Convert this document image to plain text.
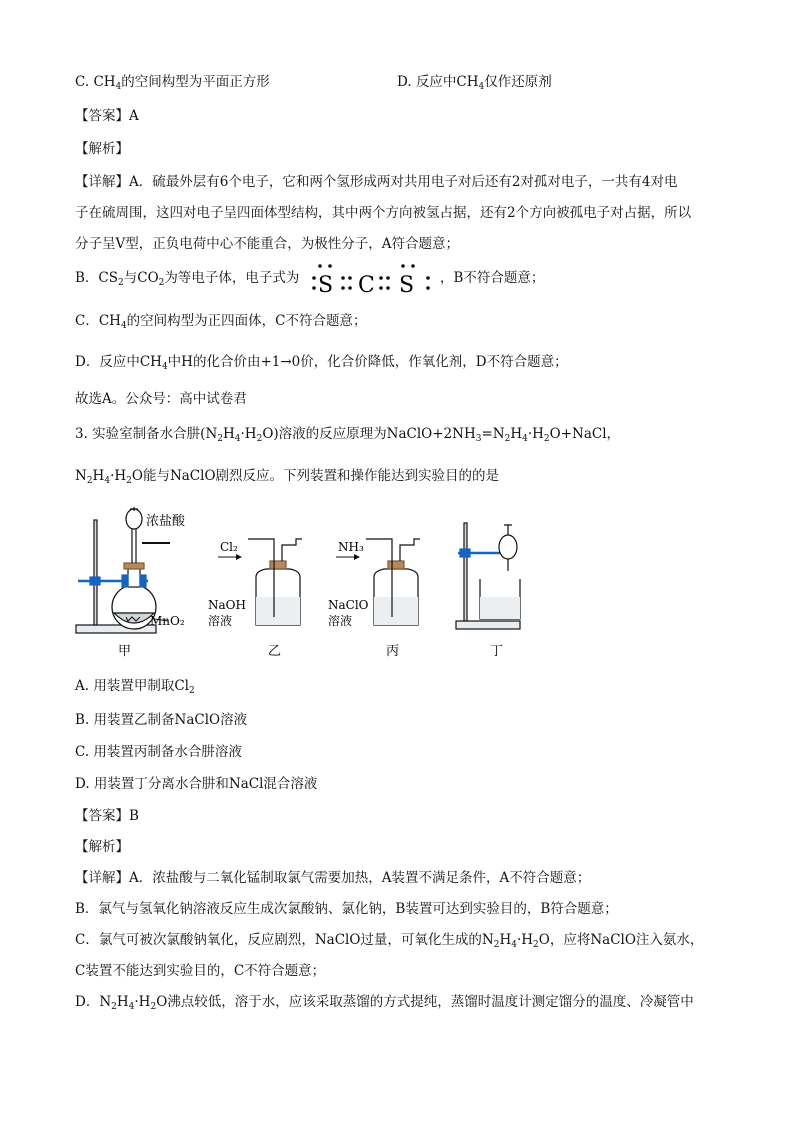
C. $CH_4$的空间构型为平面正方形	D. 反应中$CH_4$仅作还原剂
【答案】A
【解析】
【详解】A．硫最外层有6个电子，它和两个氢形成两对共用电子对后还有2对孤对电子，一共有4对电
子在硫周围，这四对电子呈四面体型结构，其中两个方向被氢占据，还有2个方向被孤电子对占据，所以
分子呈V型，正负电荷中心不能重合，为极性分子，A符合题意；
B．$CS_2$与$CO_2$为等电子体，电子式为 S C S ，B不符合题意；
C．$CH_4$的空间构型为正四面体，C不符合题意；
D．反应中$CH_4$中H的化合价由+1→0价，化合价降低，作氧化剂，D不符合题意；
故选A。公众号：高中试卷君
3. 实验室制备水合肼$(N_2H_4\cdot H_2O)$溶液的反应原理为$NaClO+2NH_3=N_2H_4\cdot H_2O+NaCl$，
$N_2H_4\cdot H_2O$能与NaClO剧烈反应。下列装置和操作能达到实验目的的是
浓盐酸
MnO₂
甲
Cl₂
NaOH
溶液
乙
NH₃
NaClO
溶液
丙	丁
A. 用装置甲制取$Cl_2$
B. 用装置乙制备NaClO溶液
C. 用装置丙制备水合肼溶液
D. 用装置丁分离水合肼和NaCl混合溶液
【答案】B
【解析】
【详解】A．浓盐酸与二氧化锰制取氯气需要加热，A装置不满足条件，A不符合题意；
B．氯气与氢氧化钠溶液反应生成次氯酸钠、氯化钠，B装置可达到实验目的，B符合题意；
C．氯气可被次氯酸钠氧化，反应剧烈，NaClO过量，可氧化生成的$N_2H_4\cdot H_2O$，应将NaClO注入氨水，
C装置不能达到实验目的，C不符合题意；
D．$N_2H_4\cdot H_2O$沸点较低，溶于水，应该采取蒸馏的方式提纯，蒸馏时温度计测定馏分的温度、冷凝管中
